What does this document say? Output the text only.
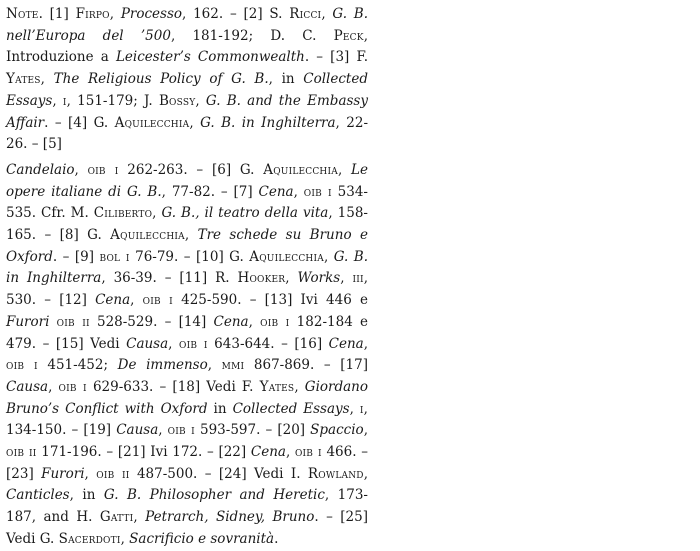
Note. [1] Firpo, Processo, 162. – [2] S. Ricci, G. B. nell’Europa del ’500, 181-192; D. C. Peck, Introduzione a Leicester’s Commonwealth. – [3] F. Yates, The Religious Policy of G. B., in Collected Essays, i, 151-179; J. Bossy, G. B. and the Embassy Affair. – [4] G. Aquilecchia, G. B. in Inghilterra, 22-26. – [5]

Candelaio, oib i 262-263. – [6] G. Aquilecchia, Le opere italiane di G. B., 77-82. – [7] Cena, oib i 534-535. Cfr. M. Ciliberto, G. B., il teatro della vita, 158-165. – [8] G. Aquilecchia, Tre schede su Bruno e Oxford. – [9] bol i 76-79. – [10] G. Aquilecchia, G. B. in Inghilterra, 36-39. – [11] R. Hooker, Works, iii, 530. – [12] Cena, oib i 425-590. – [13] Ivi 446 e Furori oib ii 528-529. – [14] Cena, oib i 182-184 e 479. – [15] Vedi Causa, oib i 643-644. – [16] Cena, oib i 451-452; De immenso, mmi 867-869. – [17] Causa, oib i 629-633. – [18] Vedi F. Yates, Giordano Bruno’s Conflict with Oxford in Collected Essays, i, 134-150. – [19] Causa, oib i 593-597. – [20] Spaccio, oib ii 171-196. – [21] Ivi 172. – [22] Cena, oib i 466. – [23] Furori, oib ii 487-500. – [24] Vedi I. Rowland, Canticles, in G. B. Philosopher and Heretic, 173-187, and H. Gatti, Petrarch, Sidney, Bruno. – [25] Vedi G. Sacerdoti, Sacrificio e sovranità.
